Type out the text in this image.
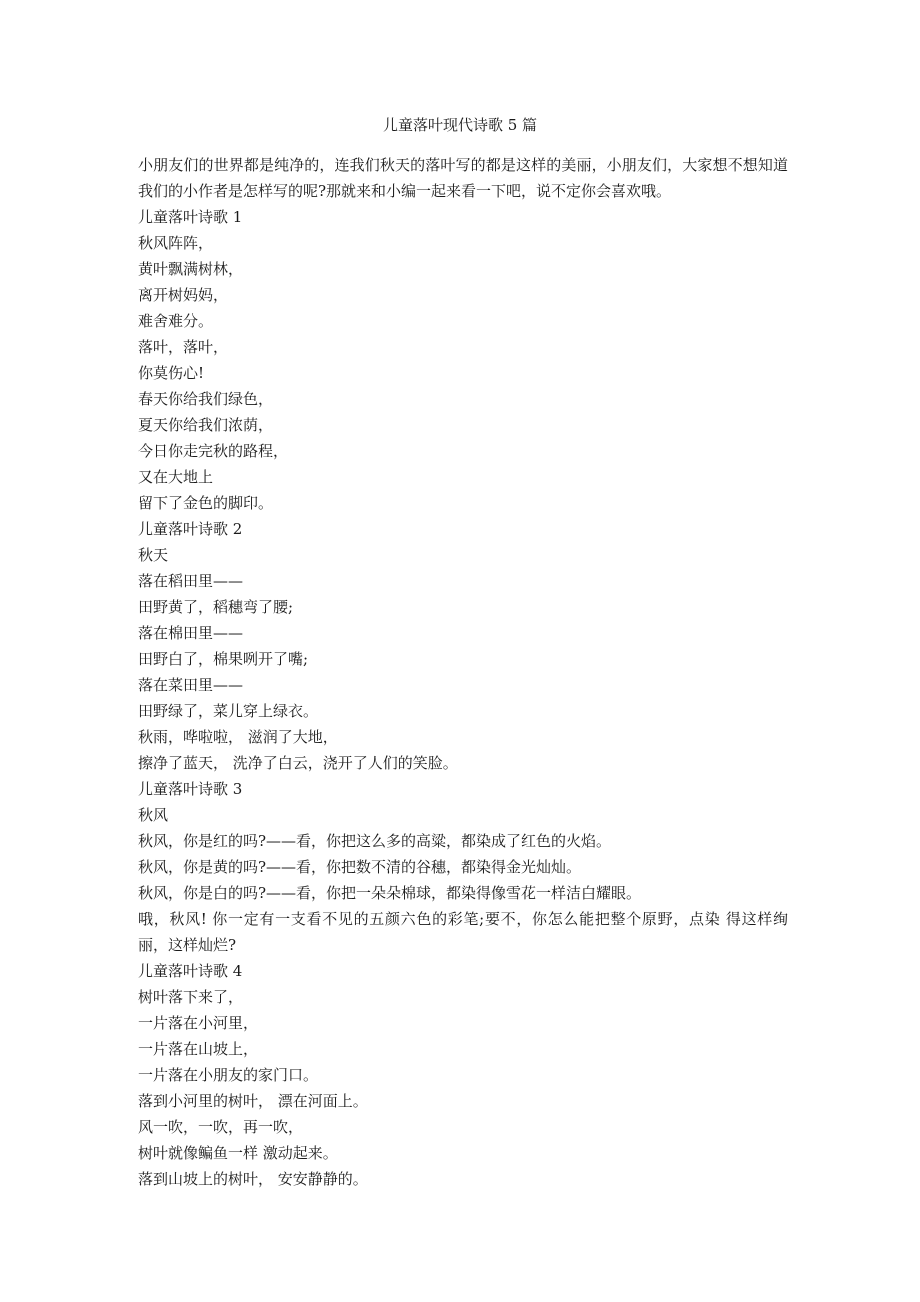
儿童落叶现代诗歌 5 篇
小朋友们的世界都是纯净的，连我们秋天的落叶写的都是这样的美丽，小朋友们，大家想不想知道我们的小作者是怎样写的呢?那就来和小编一起来看一下吧，说不定你会喜欢哦。
儿童落叶诗歌 1
秋风阵阵，
黄叶飘满树林，
离开树妈妈，
难舍难分。
落叶，落叶，
你莫伤心!
春天你给我们绿色，
夏天你给我们浓荫，
今日你走完秋的路程，
又在大地上
留下了金色的脚印。
儿童落叶诗歌 2
秋天
落在稻田里——
田野黄了，稻穗弯了腰;
落在棉田里——
田野白了，棉果咧开了嘴;
落在菜田里——
田野绿了，菜儿穿上绿衣。
秋雨，哗啦啦， 滋润了大地，
擦净了蓝天， 洗净了白云，浇开了人们的笑脸。
儿童落叶诗歌 3
秋风
秋风，你是红的吗?——看，你把这么多的高粱，都染成了红色的火焰。
秋风，你是黄的吗?——看，你把数不清的谷穗，都染得金光灿灿。
秋风，你是白的吗?——看，你把一朵朵棉球，都染得像雪花一样洁白耀眼。
哦，秋风! 你一定有一支看不见的五颜六色的彩笔;要不，你怎么能把整个原野，点染 得这样绚丽，这样灿烂?
儿童落叶诗歌 4
树叶落下来了，
一片落在小河里，
一片落在山坡上，
一片落在小朋友的家门口。
落到小河里的树叶， 漂在河面上。
风一吹，一吹，再一吹，
树叶就像鳊鱼一样 激动起来。
落到山坡上的树叶， 安安静静的。
